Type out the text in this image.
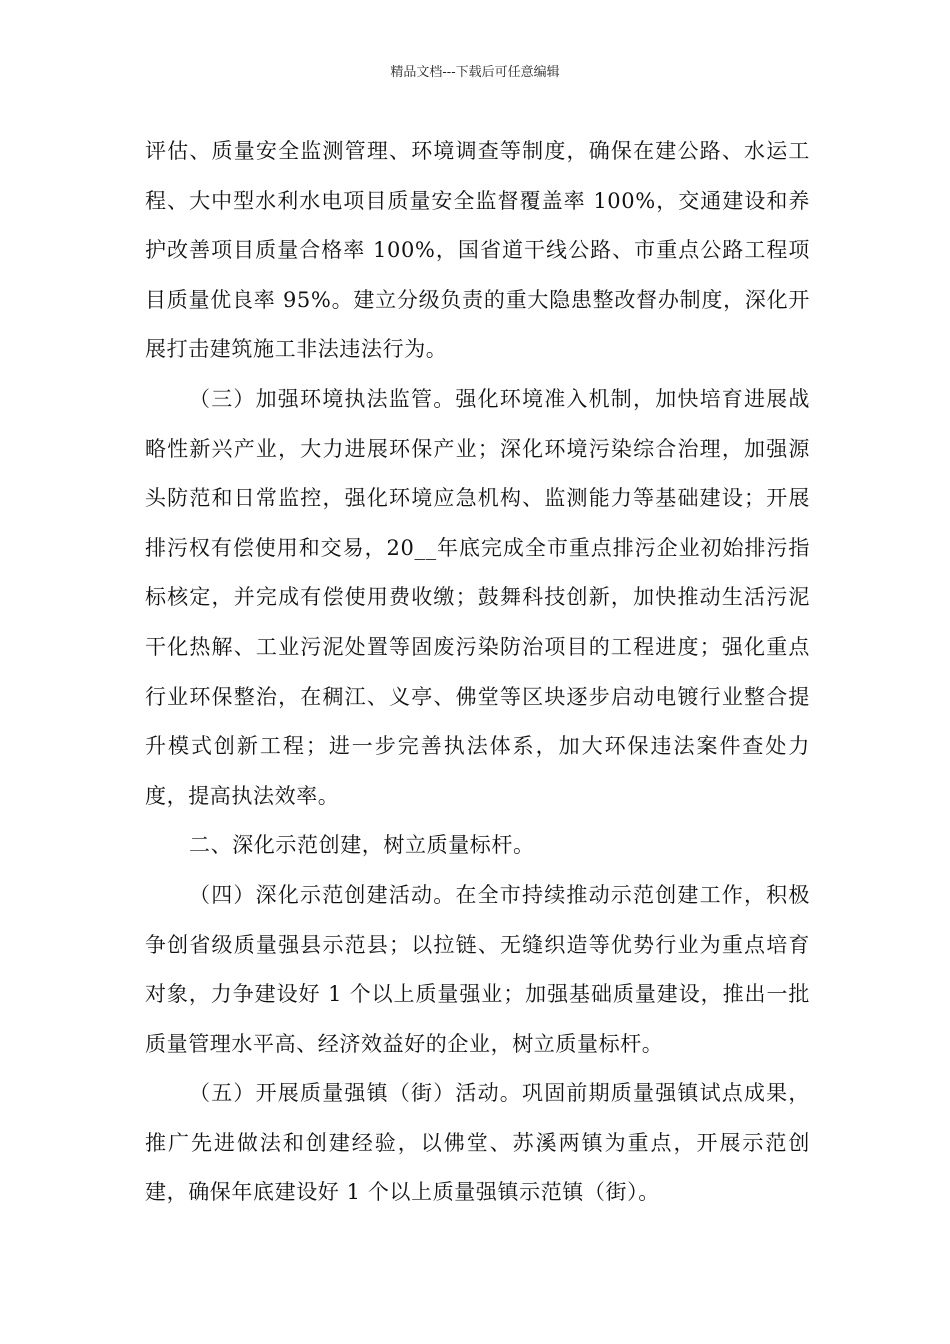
精品文档---下载后可任意编辑

评估、质量安全监测管理、环境调查等制度，确保在建公路、水运工程、大中型水利水电项目质量安全监督覆盖率 100%，交通建设和养护改善项目质量合格率 100%，国省道干线公路、市重点公路工程项目质量优良率 95%。建立分级负责的重大隐患整改督办制度，深化开展打击建筑施工非法违法行为。

（三）加强环境执法监管。强化环境准入机制，加快培育进展战略性新兴产业，大力进展环保产业；深化环境污染综合治理，加强源头防范和日常监控，强化环境应急机构、监测能力等基础建设；开展排污权有偿使用和交易，20__年底完成全市重点排污企业初始排污指标核定，并完成有偿使用费收缴；鼓舞科技创新，加快推动生活污泥干化热解、工业污泥处置等固废污染防治项目的工程进度；强化重点行业环保整治，在稠江、义亭、佛堂等区块逐步启动电镀行业整合提升模式创新工程；进一步完善执法体系，加大环保违法案件查处力度，提高执法效率。

二、深化示范创建，树立质量标杆。

（四）深化示范创建活动。在全市持续推动示范创建工作，积极争创省级质量强县示范县；以拉链、无缝织造等优势行业为重点培育对象，力争建设好 1 个以上质量强业；加强基础质量建设，推出一批质量管理水平高、经济效益好的企业，树立质量标杆。

（五）开展质量强镇（街）活动。巩固前期质量强镇试点成果，推广先进做法和创建经验，以佛堂、苏溪两镇为重点，开展示范创建，确保年底建设好 1 个以上质量强镇示范镇（街）。
